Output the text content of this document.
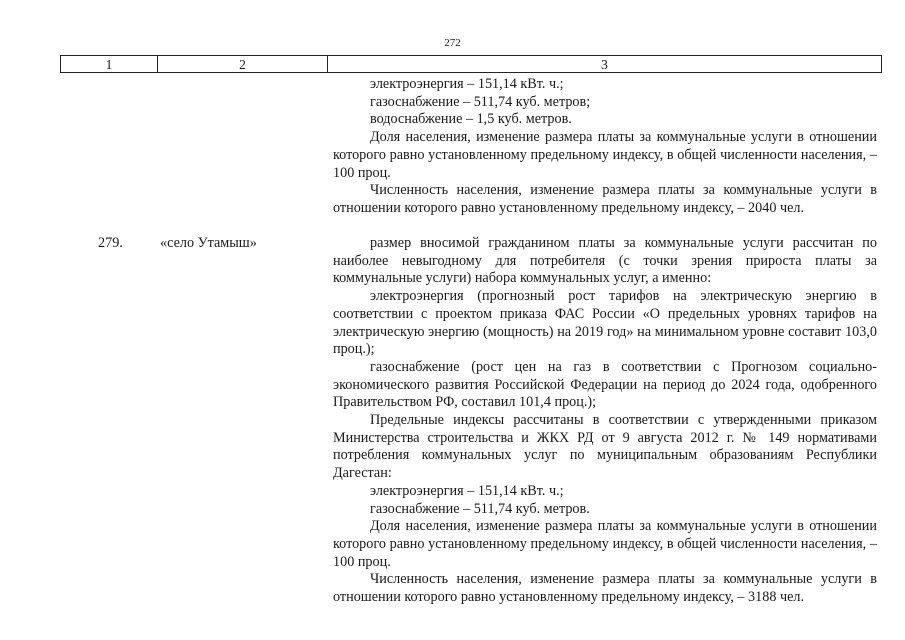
272
1	2	3

электроэнергия – 151,14 кВт. ч.;

газоснабжение – 511,74 куб. метров;

водоснабжение – 1,5 куб. метров.

Доля населения, изменение размера платы за коммунальные услуги в отношении которого равно установленному предельному индексу, в общей численности населения, – 100 проц.

Численность населения, изменение размера платы за коммунальные услуги в отношении которого равно установленному предельному индексу, – 2040 чел.

279.	«село Утамыш»	размер вносимой гражданином платы за коммунальные услуги рассчитан по наиболее невыгодному для потребителя (с точки зрения прироста платы за коммунальные услуги) набора коммунальных услуг, а именно:

электроэнергия (прогнозный рост тарифов на электрическую энергию в соответствии с проектом приказа ФАС России «О предельных уровнях тарифов на электрическую энергию (мощность) на 2019 год» на минимальном уровне составит 103,0 проц.);

газоснабжение (рост цен на газ в соответствии с Прогнозом социально-экономического развития Российской Федерации на период до 2024 года, одобренного Правительством РФ, составил 101,4 проц.);

Предельные индексы рассчитаны в соответствии с утвержденными приказом Министерства строительства и ЖКХ РД от 9 августа 2012 г. № 149 нормативами потребления коммунальных услуг по муниципальным образованиям Республики Дагестан:

электроэнергия – 151,14 кВт. ч.;

газоснабжение – 511,74 куб. метров.

Доля населения, изменение размера платы за коммунальные услуги в отношении которого равно установленному предельному индексу, в общей численности населения, – 100 проц.

Численность населения, изменение размера платы за коммунальные услуги в отношении которого равно установленному предельному индексу, – 3188 чел.
